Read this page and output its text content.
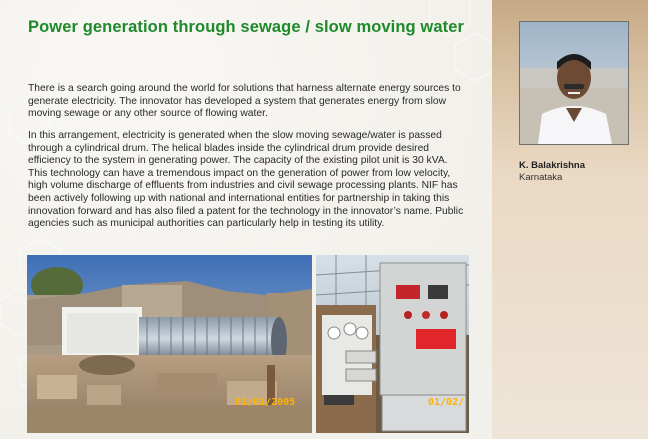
Power generation through sewage / slow moving water

There is a search going around the world for solutions that harness alternate energy sources to generate electricity. The innovator has developed a system that generates energy from slow moving sewage or any other source of flowing water.

In this arrangement, electricity is generated when the slow moving sewage/water is passed through a cylindrical drum. The helical blades inside the cylindrical drum provide desired efficiency to the system in generating power. The capacity of the existing pilot unit is 30 kVA. This technology can have a tremendous impact on the generation of power from low velocity, high volume discharge of effluents from industries and civil sewage processing plants. NIF has been actively following up with national and international entities for partnership in taking this innovation forward and has also filed a patent for the technology in the innovator’s name. Public agencies such as municipal authorities can particularly help in testing its utility.

01/01/2005	01/02/
K. Balakrishna
Karnataka
